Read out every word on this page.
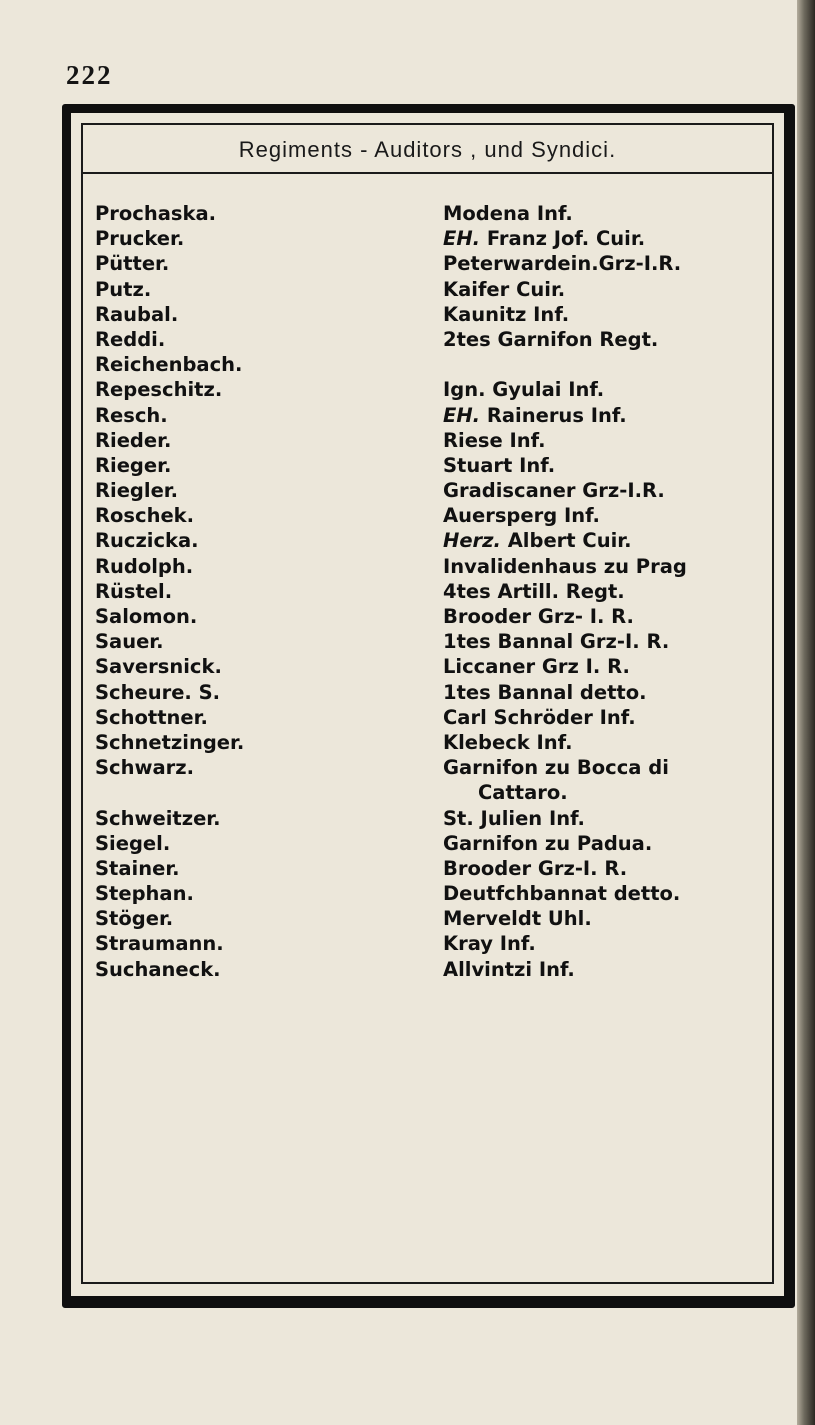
222
Regiments - Auditors , und Syndici.
Prochaska.
Prucker.
Pütter.
Putz.
Raubal.
Reddi.
Reichenbach.
Repeschitz.
Resch.
Rieder.
Rieger.
Riegler.
Roschek.
Ruczicka.
Rudolph.
Rüstel.
Salomon.
Sauer.
Saversnick.
Scheure. S.
Schottner.
Schnetzinger.
Schwarz.
Schweitzer.
Siegel.
Stainer.
Stephan.
Stöger.
Straumann.
Suchaneck.
Modena Inf.
EH. Franz Jof. Cuir.
Peterwardein.Grz-I.R.
Kaifer Cuir.
Kaunitz Inf.
2tes Garnifon Regt.
Ign. Gyulai Inf.
EH. Rainerus Inf.
Riese Inf.
Stuart Inf.
Gradiscaner Grz-I.R.
Auersperg Inf.
Herz. Albert Cuir.
Invalidenhaus zu Prag
4tes Artill. Regt.
Brooder Grz- I. R.
1tes Bannal Grz-I. R.
Liccaner Grz I. R.
1tes Bannal detto.
Carl Schröder Inf.
Klebeck Inf.
Garnifon zu Bocca di
Cattaro.
St. Julien Inf.
Garnifon zu Padua.
Brooder Grz-I. R.
Deutfchbannat detto.
Merveldt Uhl.
Kray Inf.
Allvintzi Inf.
